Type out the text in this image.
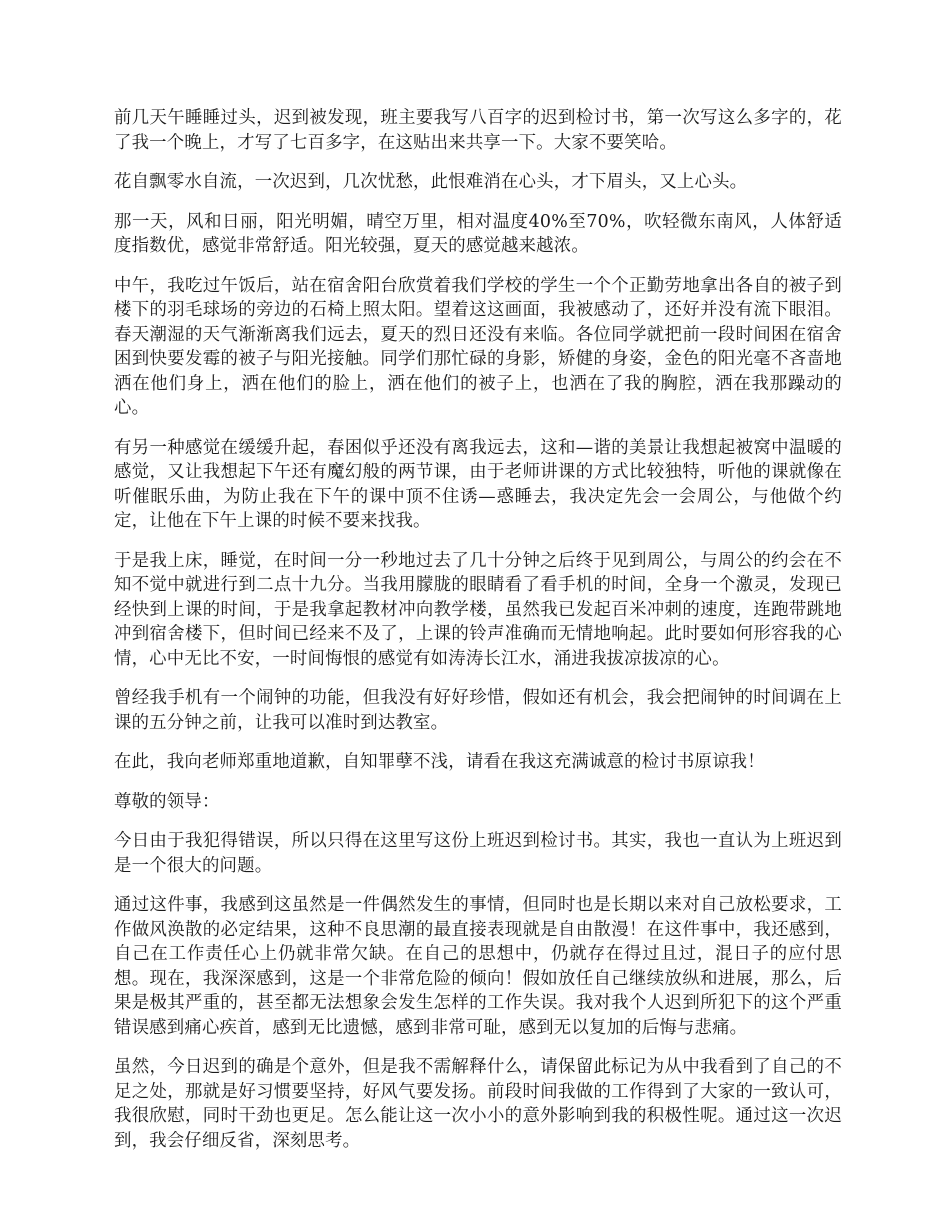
前几天午睡睡过头，迟到被发现，班主要我写八百字的迟到检讨书，第一次写这么多字的，花了我一个晚上，才写了七百多字，在这贴出来共享一下。大家不要笑哈。

花自飘零水自流，一次迟到，几次忧愁，此恨难消在心头，才下眉头，又上心头。

那一天，风和日丽，阳光明媚，晴空万里，相对温度40%至70%，吹轻微东南风，人体舒适度指数优，感觉非常舒适。阳光较强，夏天的感觉越来越浓。

中午，我吃过午饭后，站在宿舍阳台欣赏着我们学校的学生一个个正勤劳地拿出各自的被子到楼下的羽毛球场的旁边的石椅上照太阳。望着这这画面，我被感动了，还好并没有流下眼泪。春天潮湿的天气渐渐离我们远去，夏天的烈日还没有来临。各位同学就把前一段时间困在宿舍困到快要发霉的被子与阳光接触。同学们那忙碌的身影，矫健的身姿，金色的阳光毫不吝啬地洒在他们身上，洒在他们的脸上，洒在他们的被子上，也洒在了我的胸腔，洒在我那躁动的心。

有另一种感觉在缓缓升起，春困似乎还没有离我远去，这和—谐的美景让我想起被窝中温暖的感觉，又让我想起下午还有魔幻般的两节课，由于老师讲课的方式比较独特，听他的课就像在听催眠乐曲，为防止我在下午的课中顶不住诱—惑睡去，我决定先会一会周公，与他做个约定，让他在下午上课的时候不要来找我。

于是我上床，睡觉，在时间一分一秒地过去了几十分钟之后终于见到周公，与周公的约会在不知不觉中就进行到二点十九分。当我用朦胧的眼睛看了看手机的时间，全身一个激灵，发现已经快到上课的时间，于是我拿起教材冲向教学楼，虽然我已发起百米冲刺的速度，连跑带跳地冲到宿舍楼下，但时间已经来不及了，上课的铃声准确而无情地响起。此时要如何形容我的心情，心中无比不安，一时间悔恨的感觉有如涛涛长江水，涌进我拔凉拔凉的心。

曾经我手机有一个闹钟的功能，但我没有好好珍惜，假如还有机会，我会把闹钟的时间调在上课的五分钟之前，让我可以准时到达教室。

在此，我向老师郑重地道歉，自知罪孽不浅，请看在我这充满诚意的检讨书原谅我！

尊敬的领导：

今日由于我犯得错误，所以只得在这里写这份上班迟到检讨书。其实，我也一直认为上班迟到是一个很大的问题。

通过这件事，我感到这虽然是一件偶然发生的事情，但同时也是长期以来对自己放松要求，工作做风涣散的必定结果，这种不良思潮的最直接表现就是自由散漫！在这件事中，我还感到，自己在工作责任心上仍就非常欠缺。在自己的思想中，仍就存在得过且过，混日子的应付思想。现在，我深深感到，这是一个非常危险的倾向！假如放任自己继续放纵和进展，那么，后果是极其严重的，甚至都无法想象会发生怎样的工作失误。我对我个人迟到所犯下的这个严重错误感到痛心疾首，感到无比遗憾，感到非常可耻，感到无以复加的后悔与悲痛。

虽然，今日迟到的确是个意外，但是我不需解释什么，请保留此标记为从中我看到了自己的不足之处，那就是好习惯要坚持，好风气要发扬。前段时间我做的工作得到了大家的一致认可，我很欣慰，同时干劲也更足。怎么能让这一次小小的意外影响到我的积极性呢。通过这一次迟到，我会仔细反省，深刻思考。
